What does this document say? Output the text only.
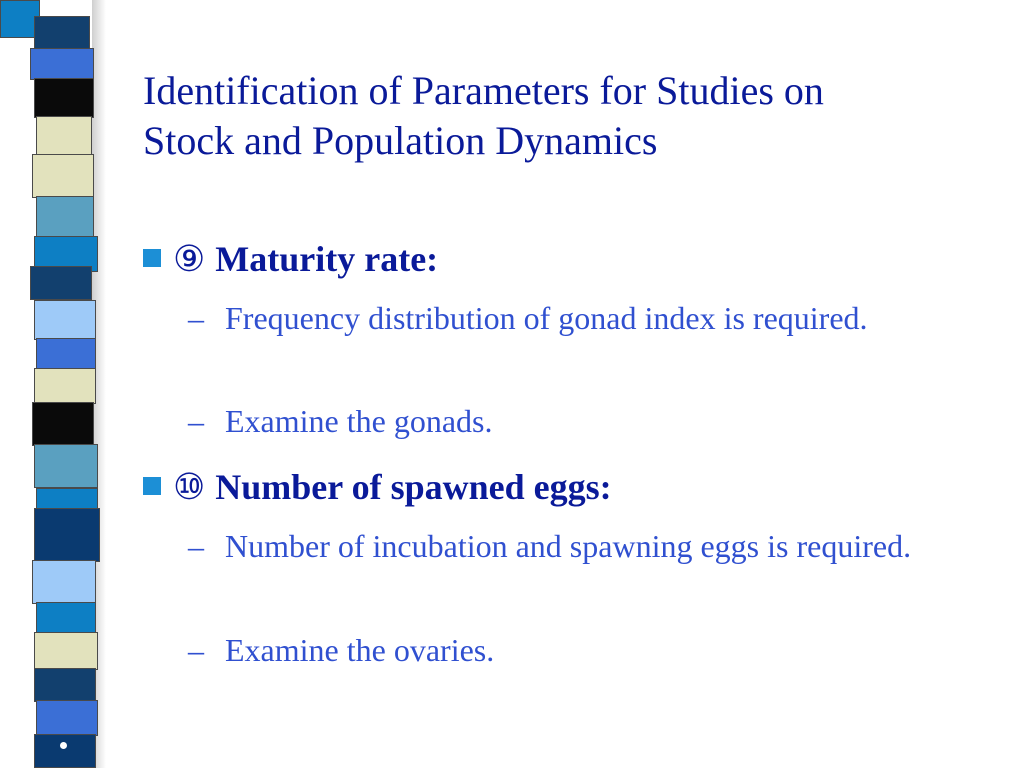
Identification of Parameters for Studies on
Stock and Population Dynamics
⑨ Maturity rate:
– Frequency distribution of gonad index is required.
– Examine the gonads.
⑩ Number of spawned eggs:
– Number of incubation and spawning eggs is required.
– Examine the ovaries.
